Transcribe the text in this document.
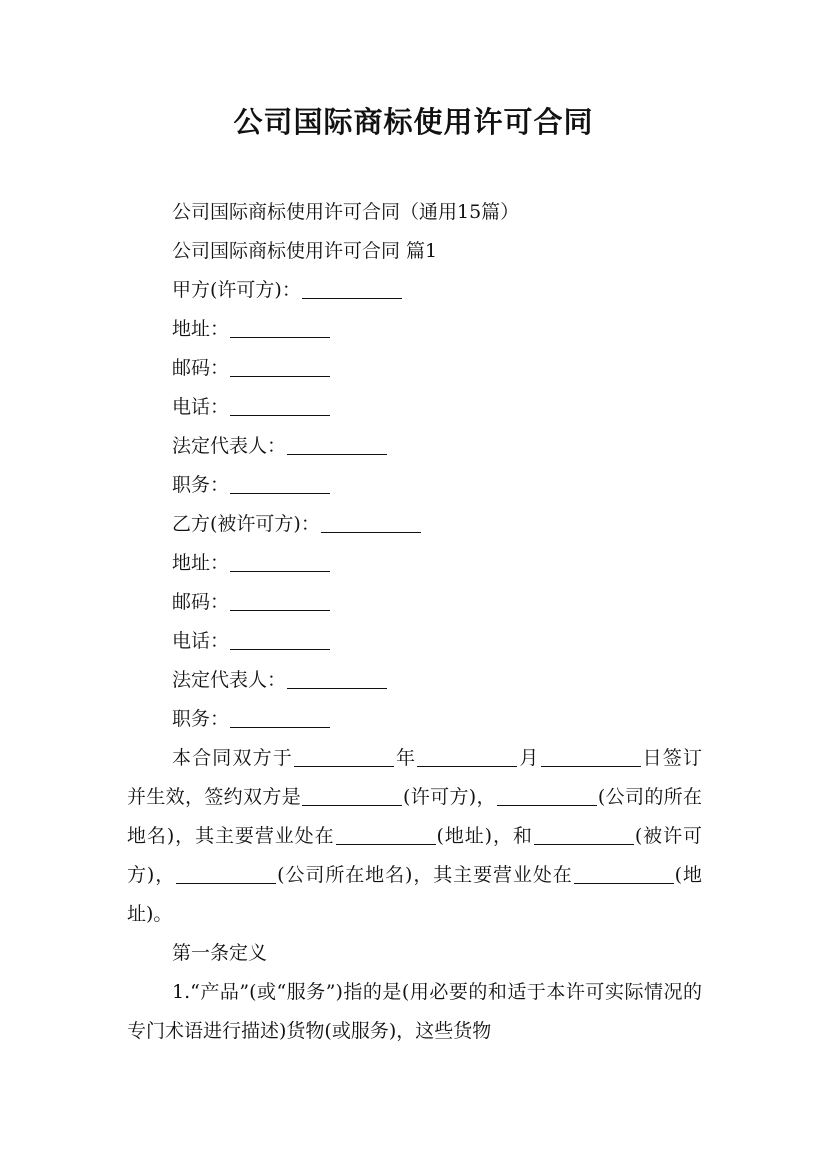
公司国际商标使用许可合同
公司国际商标使用许可合同（通用15篇）
公司国际商标使用许可合同 篇1
甲方(许可方)：
地址：
邮码：
电话：
法定代表人：
职务：
乙方(被许可方)：
地址：
邮码：
电话：
法定代表人：
职务：
本合同双方于	年	月	日签订并生效，签约双方是	(许可方)，	(公司的所在地名)，其主要营业处在	(地址)，和	(被许可方)，	(公司所在地名)，其主要营业处在	(地址)。
第一条定义
1.“产品”(或“服务”)指的是(用必要的和适于本许可实际情况的专门术语进行描述)货物(或服务)，这些货物
